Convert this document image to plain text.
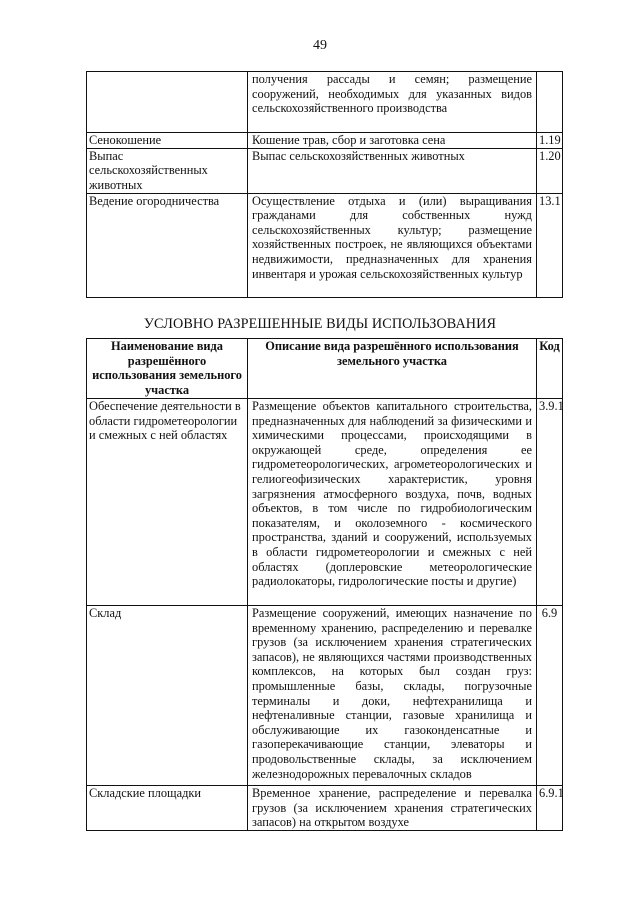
49
	получения рассады и семян; размещение сооружений, необходимых для указанных видов сельскохозяйственного производства	
Сенокошение	Кошение трав, сбор и заготовка сена	1.19
Выпас сельскохозяйственных животных	Выпас сельскохозяйственных животных	1.20
Ведение огородничества	Осуществление отдыха и (или) выращивания гражданами для собственных нужд сельскохозяйственных культур; размещение хозяйственных построек, не являющихся объектами недвижимости, предназначенных для хранения инвентаря и урожая сельскохозяйственных культур	13.1
УСЛОВНО РАЗРЕШЕННЫЕ ВИДЫ ИСПОЛЬЗОВАНИЯ
Наименование вида разрешённого использования земельного участка	Описание вида разрешённого использования земельного участка	Код
Обеспечение деятельности в области гидрометеорологии и смежных с ней областях	Размещение объектов капитального строительства, предназначенных для наблюдений за физическими и химическими процессами, происходящими в окружающей среде, определения ее гидрометеорологических, агрометеорологических и гелиогеофизических характеристик, уровня загрязнения атмосферного воздуха, почв, водных объектов, в том числе по гидробиологическим показателям, и околоземного - космического пространства, зданий и сооружений, используемых в области гидрометеорологии и смежных с ней областях (доплеровские метеорологические радиолокаторы, гидрологические посты и другие)	3.9.1
Склад	Размещение сооружений, имеющих назначение по временному хранению, распределению и перевалке грузов (за исключением хранения стратегических запасов), не являющихся частями производственных комплексов, на которых был создан груз: промышленные базы, склады, погрузочные терминалы и доки, нефтехранилища и нефтеналивные станции, газовые хранилища и обслуживающие их газоконденсатные и газоперекачивающие станции, элеваторы и продовольственные склады, за исключением железнодорожных перевалочных складов	6.9
Складские площадки	Временное хранение, распределение и перевалка грузов (за исключением хранения стратегических запасов) на открытом воздухе	6.9.1
